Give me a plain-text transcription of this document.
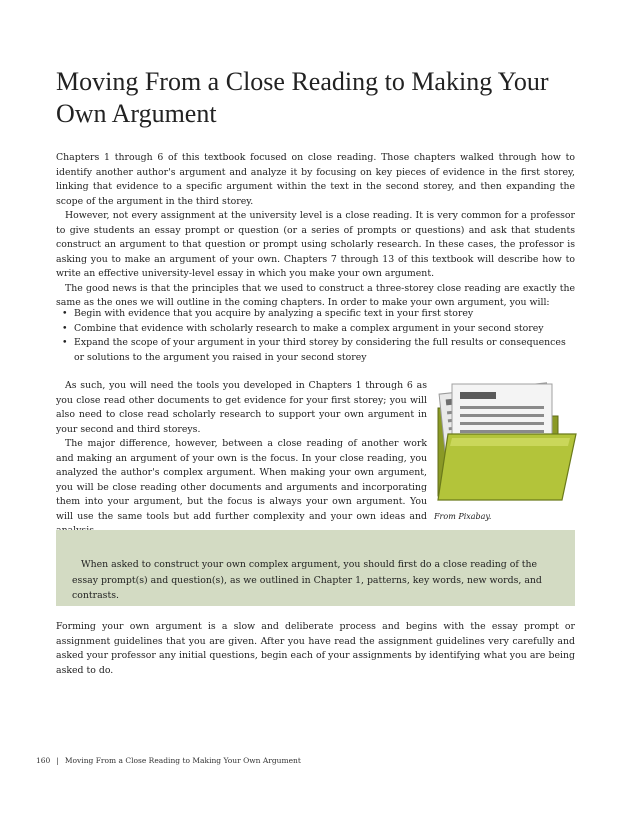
Moving From a Close Reading to Making Your Own Argument

Chapters 1 through 6 of this textbook focused on close reading. Those chapters walked through how to identify another author's argument and analyze it by focusing on key pieces of evidence in the first storey, linking that evidence to a specific argument within the text in the second storey, and then expanding the scope of the argument in the third storey.

However, not every assignment at the university level is a close reading. It is very common for a professor to give students an essay prompt or question (or a series of prompts or questions) and ask that students construct an argument to that question or prompt using scholarly research. In these cases, the professor is asking you to make an argument of your own. Chapters 7 through 13 of this textbook will describe how to write an effective university-level essay in which you make your own argument.

The good news is that the principles that we used to construct a three-storey close reading are exactly the same as the ones we will outline in the coming chapters. In order to make your own argument, you will:

• Begin with evidence that you acquire by analyzing a specific text in your first storey
• Combine that evidence with scholarly research to make a complex argument in your second storey
• Expand the scope of your argument in your third storey by considering the full results or consequences or solutions to the argument you raised in your second storey

As such, you will need the tools you developed in Chapters 1 through 6 as you close read other documents to get evidence for your first storey; you will also need to close read scholarly research to support your own argument in your second and third storeys.

The major difference, however, between a close reading of another work and making an argument of your own is the focus. In your close reading, you analyzed the author's complex argument. When making your own argument, you will be close reading other documents and arguments and incorporating them into your argument, but the focus is always your own argument. You will use the same tools but add further complexity and your own ideas and From Pixabay.

When asked to construct your own complex argument, you should first do a close reading of the essay prompt(s) and question(s), as we outlined in Chapter 1, patterns, key words, new words, and contrasts.

Forming your own argument is a slow and deliberate process and begins with the essay prompt or assignment guidelines that you are given. After you have read the assignment guidelines very carefully and asked your professor any initial questions, begin each of your assignments by identifying what you are being asked to do.

160 | Moving From a Close Reading to Making Your Own Argument
